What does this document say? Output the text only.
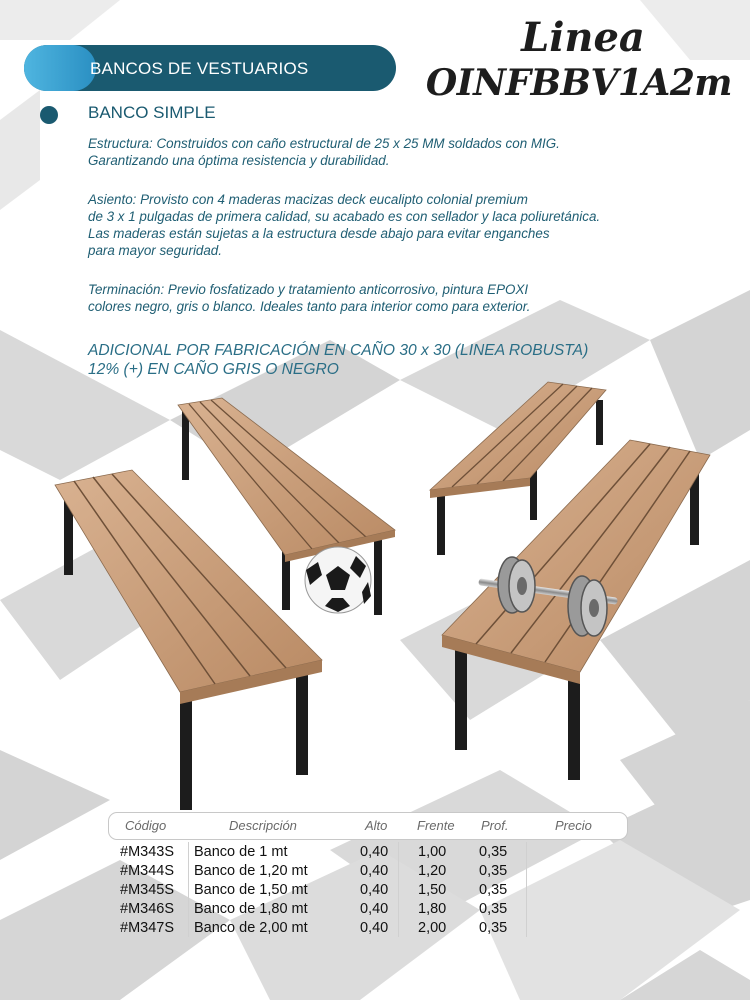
BANCOS DE VESTUARIOS
Linea
OINFBBV1A2m
BANCO SIMPLE
Estructura: Construidos con caño estructural de 25 x 25 MM soldados con MIG.
Garantizando una óptima resistencia y durabilidad.
Asiento: Provisto con 4 maderas macizas deck eucalipto colonial premium
de 3 x 1 pulgadas de primera calidad, su acabado es con sellador y laca poliuretánica.
Las maderas están sujetas a la estructura desde abajo para evitar enganches
para mayor seguridad.
Terminación: Previo fosfatizado y tratamiento anticorrosivo, pintura EPOXI
colores negro, gris o blanco. Ideales tanto para interior como para exterior.
ADICIONAL POR FABRICACIÓN EN CAÑO 30 x 30 (LINEA ROBUSTA)
12% (+) EN CAÑO GRIS O NEGRO
Código	Descripción	Alto Frente Prof.	Precio
#M343S Banco de 1 mt	0,40 1,00 0,35
#M344S Banco de 1,20 mt	0,40 1,20 0,35
#M345S Banco de 1,50 mt	0,40 1,50 0,35
#M346S Banco de 1,80 mt	0,40 1,80 0,35
#M347S Banco de 2,00 mt	0,40 2,00 0,35
